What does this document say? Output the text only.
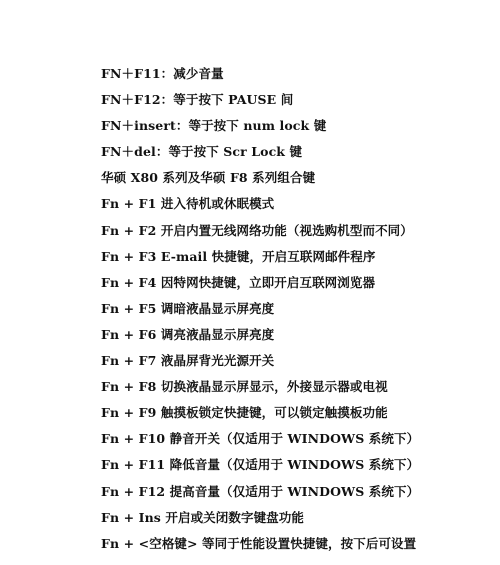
FN＋F11：减少音量
FN＋F12：等于按下 PAUSE 间
FN＋insert：等于按下 num lock 键
FN＋del：等于按下 Scr Lock 键
华硕 X80 系列及华硕 F8 系列组合键
Fn + F1 进入待机或休眠模式
Fn + F2 开启内置无线网络功能（视选购机型而不同）
Fn + F3 E-mail 快捷键，开启互联网邮件程序
Fn + F4 因特网快捷键，立即开启互联网浏览器
Fn + F5 调暗液晶显示屏亮度
Fn + F6 调亮液晶显示屏亮度
Fn + F7 液晶屏背光光源开关
Fn + F8 切换液晶显示屏显示，外接显示器或电视
Fn + F9 触摸板锁定快捷键，可以锁定触摸板功能
Fn + F10 静音开关（仅适用于 WINDOWS 系统下）
Fn + F11 降低音量（仅适用于 WINDOWS 系统下）
Fn + F12 提高音量（仅适用于 WINDOWS 系统下）
Fn + Ins 开启或关闭数字键盘功能
Fn + <空格键> 等同于性能设置快捷键，按下后可设置
